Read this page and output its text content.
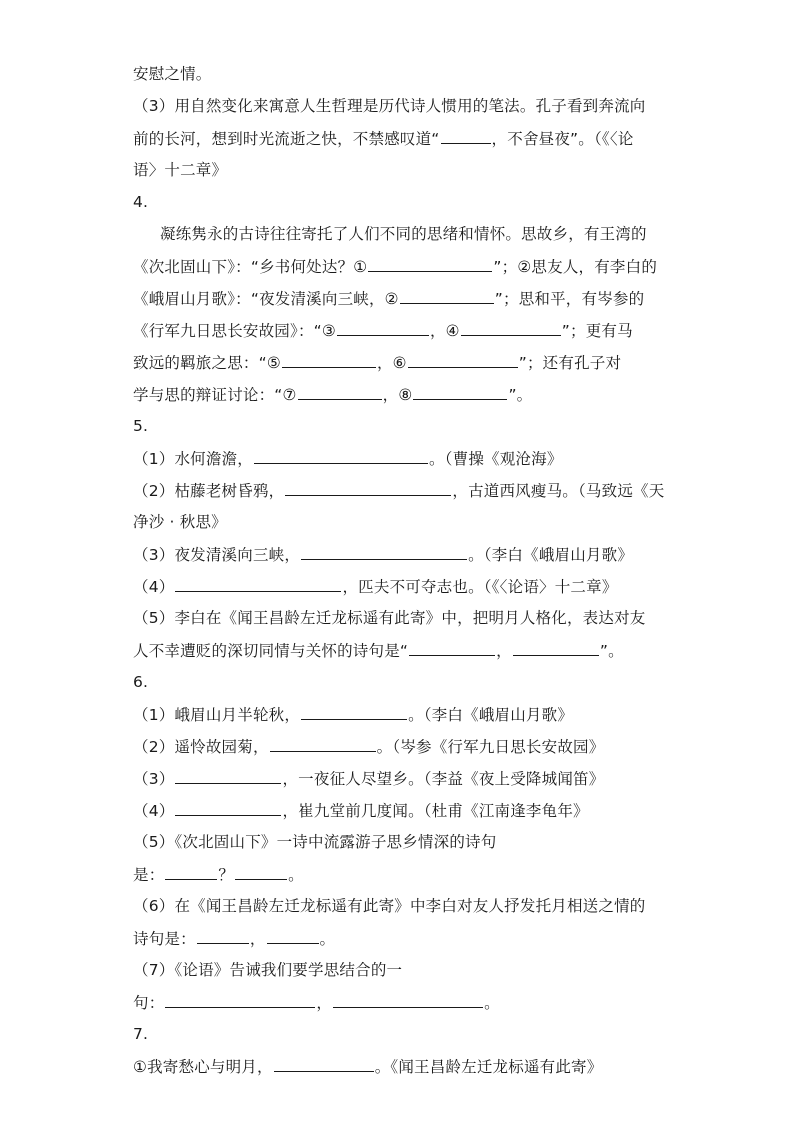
安慰之情。
（3）用自然变化来寓意人生哲理是历代诗人惯用的笔法。孔子看到奔流向
前的长河，想到时光流逝之快，不禁感叹道“	，不舍昼夜”。（《〈论
语〉十二章》
4.
凝练隽永的古诗往往寄托了人们不同的思绪和情怀。思故乡，有王湾的
《次北固山下》：“乡书何处达？①	”；②思友人，有李白的
《峨眉山月歌》：“夜发清溪向三峡，②	”；思和平，有岑参的
《行军九日思长安故园》：“③	，④	”；更有马
致远的羁旅之思：“⑤	，⑥	”；还有孔子对
学与思的辩证讨论：“⑦	，⑧	”。
5.
（1）水何澹澹，	。（曹操《观沧海》
（2）枯藤老树昏鸦，	，古道西风瘦马。（马致远《天
净沙 · 秋思》
（3）夜发清溪向三峡，	。（李白《峨眉山月歌》
（4）	，匹夫不可夺志也。（《〈论语〉十二章》
（5）李白在《闻王昌龄左迁龙标遥有此寄》中，把明月人格化，表达对友
人不幸遭贬的深切同情与关怀的诗句是“	，	”。
6.
（1）峨眉山月半轮秋，	。（李白《峨眉山月歌》
（2）遥怜故园菊，	。（岑参《行军九日思长安故园》
（3）	，一夜征人尽望乡。（李益《夜上受降城闻笛》
（4）	，崔九堂前几度闻。（杜甫《江南逢李龟年》
（5）《次北固山下》一诗中流露游子思乡情深的诗句
是：	？	。
（6）在《闻王昌龄左迁龙标遥有此寄》中李白对友人抒发托月相送之情的
诗句是：	，	。
（7）《论语》告诫我们要学思结合的一
句：	，	。
7.
①我寄愁心与明月，	。《闻王昌龄左迁龙标遥有此寄》
